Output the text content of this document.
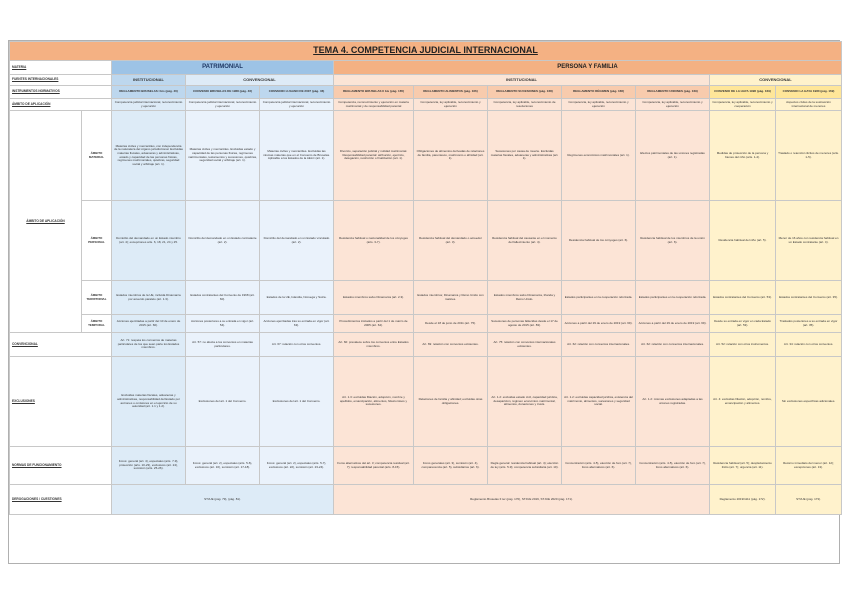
TEMA 4. COMPETENCIA JUDICIAL INTERNACIONAL											
MATERIA		PATRIMONIAL			PERSONA Y FAMILIA						
FUENTES INTERNACIONALES		INSTITUCIONAL	CONVENCIONAL		INSTITUCIONAL					CONVENCIONAL	
INSTRUMENTOS NORMATIVOS		REGLAMENTO BRUSELAS I bis (pág. 40)	CONVENIO BRUSELAS DE 1968 (pág. 46)	CONVENIO LUGANO DE 2007 (pág. 46)	REGLAMENTO BRUSELAS II bis (pág. 165)	REGLAMENTO ALIMENTOS (pág. 166)	REGLAMENTO SUCESIONES (pág. 168)	REGLAMENTO RÉGIMEN (pág. 168)	REGLAMENTO UNIONES (pág. 169)	CONVENIO DE LA HAYA 1996 (pág. 169)	CONVENIO LA HAYA 1980 (pág. 169)
ÁMBITO DE APLICACIÓN		Competencia judicial internacional, reconocimiento y ejecución	Competencia judicial internacional, reconocimiento y ejecución	Competencia judicial internacional, reconocimiento y ejecución	Competencia, reconocimiento y ejecución en materia matrimonial y de responsabilidad parental	Competencia, ley aplicable, reconocimiento y ejecución	Competencia, ley aplicable, reconocimiento de resoluciones	Competencia, ley aplicable, reconocimiento y ejecución	Competencia, ley aplicable, reconocimiento y ejecución	Competencia, ley aplicable, reconocimiento y cooperación	Aspectos civiles de la sustracción internacional de menores
ÁMBITO DE APLICACIÓN	ÁMBITO MATERIAL	Materias civiles y mercantiles, con independencia de la naturaleza del órgano jurisdiccional. Excluidas materias fiscales, aduaneras y administrativas, estado y capacidad de las personas físicas, regímenes matrimoniales, quiebras, seguridad social y arbitraje (art. 1).	Materias civiles y mercantiles. Excluidas estado y capacidad de las personas físicas, regímenes matrimoniales, testamentos y sucesiones, quiebras, seguridad social y arbitraje (art. 1).	Materias civiles y mercantiles. Excluidas las mismas materias que en el Convenio de Bruselas. Aplicable a los Estados de la AELC (art. 1).	Divorcio, separación judicial y nulidad matrimonial. Responsabilidad parental: atribución, ejercicio, delegación, restricción o finalización (art. 1).	Obligaciones de alimentos derivadas de relaciones de familia, parentesco, matrimonio o afinidad (art. 1).	Sucesiones por causa de muerte. Excluidas materias fiscales, aduaneras y administrativas (art. 1).	Regímenes económicos matrimoniales (art. 1).	Efectos patrimoniales de las uniones registradas (art. 1).	Medidas de protección de la persona y bienes del niño (arts. 1-4).	Traslado o retención ilícitos de menores (arts. 1-5).
	ÁMBITO PERSONAL	Domicilio del demandado en un Estado miembro (art. 4); excepciones arts. 6, 18, 21, 24 y 25.	Domicilio del demandado en un Estado contratante (art. 2).	Domicilio del demandado en un Estado vinculado (art. 2).	Residencia habitual o nacionalidad de los cónyuges (arts. 3-7).	Residencia habitual del demandado o acreedor (art. 3).	Residencia habitual del causante en el momento del fallecimiento (art. 4).	Residencia habitual de los cónyuges (art. 6).	Residencia habitual de los miembros de la unión (art. 6).	Residencia habitual del niño (art. 5).	Menor de 16 años con residencia habitual en un Estado contratante (art. 4).
	ÁMBITO TERRITORIAL	Estados miembros de la UE, incluida Dinamarca por acuerdo paralelo (art. 1.3).	Estados contratantes del Convenio de 1968 (art. 60).	Estados de la UE, Islandia, Noruega y Suiza.	Estados miembros salvo Dinamarca (art. 2.3).	Estados miembros; Dinamarca y Reino Unido con matices.	Estados miembros salvo Dinamarca, Irlanda y Reino Unido.	Estados participantes en la cooperación reforzada.	Estados participantes en la cooperación reforzada.	Estados contratantes del Convenio (art. 53).	Estados contratantes del Convenio (art. 35).
	ÁMBITO TEMPORAL	Acciones ejercitadas a partir del 10 de enero de 2015 (art. 66).	Acciones posteriores a su entrada en vigor (art. 54).	Acciones ejercitadas tras su entrada en vigor (art. 63).	Procedimientos iniciados a partir del 1 de marzo de 2005 (art. 64).	Desde el 18 de junio de 2011 (art. 75).	Sucesiones de personas fallecidas desde el 17 de agosto de 2015 (art. 83).	Acciones a partir del 29 de enero de 2019 (art. 69).	Acciones a partir del 29 de enero de 2019 (art. 69).	Desde su entrada en vigor en cada Estado (art. 53).	Traslados posteriores a su entrada en vigor (art. 35).
CONVENCIONAL		Art. 71: respeta los convenios de materias particulares de los que sean parte los Estados miembros.	Art. 57: no afecta a los convenios en materias particulares.	Art. 67: relación con otros convenios.	Art. 60: prevalece sobre los convenios entre Estados miembros.	Art. 69: relación con convenios existentes.	Art. 75: relación con convenios internacionales existentes.	Art. 62: relación con convenios internacionales.	Art. 62: relación con convenios internacionales.	Art. 52: relación con otros instrumentos.	Art. 34: relación con otros convenios.
EXCLUSIONES		Excluidas materias fiscales, aduaneras y administrativas, responsabilidad del Estado por acciones u omisiones en el ejercicio de su autoridad (art. 1.1 y 1.2).	Exclusiones del art. 1 del Convenio.	Exclusiones del art. 1 del Convenio.	Art. 1.3: excluidas filiación, adopción, nombre y apellidos, emancipación, alimentos, fideicomisos y sucesiones.	Relaciones de familia y afinidad; excluidas otras obligaciones.	Art. 1.2: excluidas estado civil, capacidad jurídica, desaparición, régimen económico matrimonial, alimentos, donaciones y trusts.	Art. 1.2: excluidas capacidad jurídica, existencia del matrimonio, alimentos, sucesiones y seguridad social.	Art. 1.2: mismas exclusiones adaptadas a las uniones registradas.	Art. 4: excluidas filiación, adopción, nombre, emancipación y alimentos.	Sin exclusiones específicas adicionales.
NORMAS DE FUNCIONAMIENTO		Foros: general (art. 4), especiales (arts. 7-9), protección (arts. 10-23), exclusivos (art. 24), sumisión (arts. 25-26).	Foros: general (art. 2), especiales (arts. 5-6), exclusivos (art. 16), sumisión (art. 17-18).	Foros: general (art. 2), especiales (arts. 5-7), exclusivos (art. 22), sumisión (art. 23-24).	Foros alternativos del art. 3; competencia residual (art. 7); responsabilidad parental (arts. 8-15).	Foros generales (art. 3), sumisión (art. 4), comparecencia (art. 5), subsidiarios (art. 6).	Regla general: residencia habitual (art. 4); elección de ley (arts. 5-9); competencia subsidiaria (art. 10).	Concentración (arts. 4-5), elección de foro (art. 7), foros alternativos (art. 6).	Concentración (arts. 4-5), elección de foro (art. 7), foros alternativos (art. 6).	Residencia habitual (art. 5); desplazamiento ilícito (art. 7); urgencia (art. 11).	Retorno inmediato del menor (art. 12); excepciones (art. 13).
DEROGACIONES / CUESTIONES		STJUE (pág. 79), (pág. 81).			Reglamento Bruselas II ter (pág. 170), STJUE 2019, STJUE 2020 (pág. 171).					Reglamento 2019/1111 (pág. 172).	STJUE (pág. 173).
